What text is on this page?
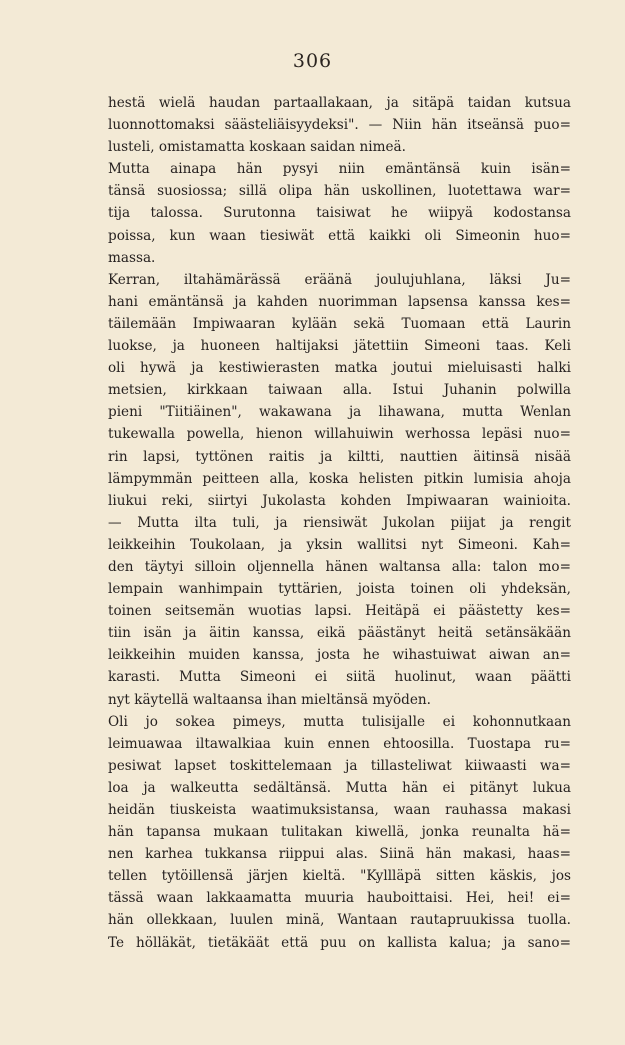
306
hestä wielä haudan partaallakaan, ja sitäpä taidan kutsua
luonnottomaksi säästeliäisyydeksi". — Niin hän itseänsä puo=
lusteli, omistamatta koskaan saidan nimeä.
Mutta ainapa hän pysyi niin emäntänsä kuin isän=
tänsä suosiossa; sillä olipa hän uskollinen, luotettawa war=
tija talossa. Surutonna taisiwat he wiipyä kodostansa
poissa, kun waan tiesiwät että kaikki oli Simeonin huo=
massa.
Kerran, iltahämärässä eräänä joulujuhlana, läksi Ju=
hani emäntänsä ja kahden nuorimman lapsensa kanssa kes=
täilemään Impiwaaran kylään sekä Tuomaan että Laurin
luokse, ja huoneen haltijaksi jätettiin Simeoni taas. Keli
oli hywä ja kestiwierasten matka joutui mieluisasti halki
metsien, kirkkaan taiwaan alla. Istui Juhanin polwilla
pieni "Tiitiäinen", wakawana ja lihawana, mutta Wenlan
tukewalla powella, hienon willahuiwin werhossa lepäsi nuo=
rin lapsi, tyttönen raitis ja kiltti, nauttien äitinsä nisää
lämpymmän peitteen alla, koska helisten pitkin lumisia ahoja
liukui reki, siirtyi Jukolasta kohden Impiwaaran wainioita.
— Mutta ilta tuli, ja riensiwät Jukolan piijat ja rengit
leikkeihin Toukolaan, ja yksin wallitsi nyt Simeoni. Kah=
den täytyi silloin oljennella hänen waltansa alla: talon mo=
lempain wanhimpain tyttärien, joista toinen oli yhdeksän,
toinen seitsemän wuotias lapsi. Heitäpä ei päästetty kes=
tiin isän ja äitin kanssa, eikä päästänyt heitä setänsäkään
leikkeihin muiden kanssa, josta he wihastuiwat aiwan an=
karasti. Mutta Simeoni ei siitä huolinut, waan päätti
nyt käytellä waltaansa ihan mieltänsä myöden.
Oli jo sokea pimeys, mutta tulisijalle ei kohonnutkaan
leimuawaa iltawalkiaa kuin ennen ehtoosilla. Tuostapa ru=
pesiwat lapset toskittelemaan ja tillasteliwat kiiwaasti wa=
loa ja walkeutta sedältänsä. Mutta hän ei pitänyt lukua
heidän tiuskeista waatimuksistansa, waan rauhassa makasi
hän tapansa mukaan tulitakan kiwellä, jonka reunalta hä=
nen karhea tukkansa riippui alas. Siinä hän makasi, haas=
tellen tytöillensä järjen kieltä. "Kyllläpä sitten käskis, jos
tässä waan lakkaamatta muuria hauboittaisi. Hei, hei! ei=
hän ollekkaan, luulen minä, Wantaan rautapruukissa tuolla.
Te hölläkät, tietäkäät että puu on kallista kalua; ja sano=
